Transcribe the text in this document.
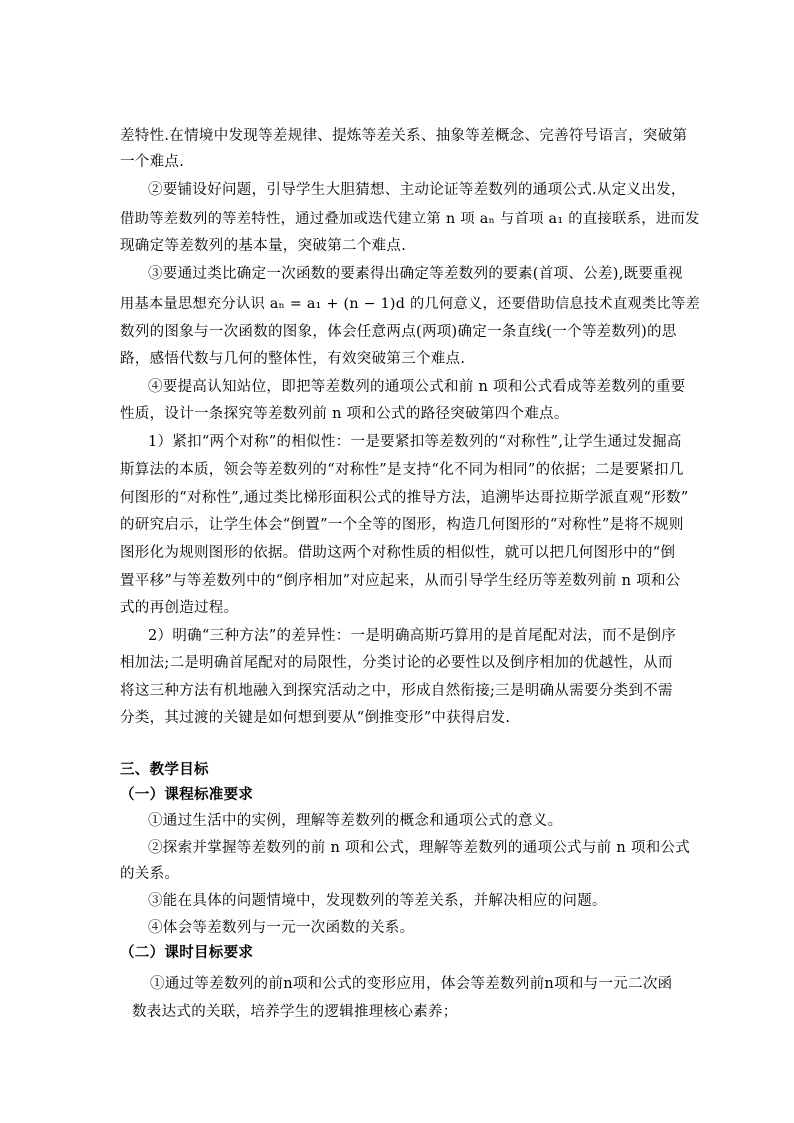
差特性.在情境中发现等差规律、提炼等差关系、抽象等差概念、完善符号语言，突破第
一个难点.
②要铺设好问题，引导学生大胆猜想、主动论证等差数列的通项公式.从定义出发，
借助等差数列的等差特性，通过叠加或迭代建立第 n 项 aₙ 与首项 a₁ 的直接联系，进而发
现确定等差数列的基本量，突破第二个难点.
③要通过类比确定一次函数的要素得出确定等差数列的要素(首项、公差),既要重视
用基本量思想充分认识 aₙ = a₁ + (n − 1)d 的几何意义，还要借助信息技术直观类比等差
数列的图象与一次函数的图象，体会任意两点(两项)确定一条直线(一个等差数列)的思
路，感悟代数与几何的整体性，有效突破第三个难点.
④要提高认知站位，即把等差数列的通项公式和前 n 项和公式看成等差数列的重要
性质，设计一条探究等差数列前 n 项和公式的路径突破第四个难点。
1）紧扣“两个对称”的相似性：一是要紧扣等差数列的“对称性”,让学生通过发掘高
斯算法的本质，领会等差数列的“对称性”是支持“化不同为相同”的依据；二是要紧扣几
何图形的“对称性”,通过类比梯形面积公式的推导方法，追溯毕达哥拉斯学派直观“形数”
的研究启示，让学生体会“倒置”一个全等的图形，构造几何图形的“对称性”是将不规则
图形化为规则图形的依据。借助这两个对称性质的相似性，就可以把几何图形中的“倒
置平移”与等差数列中的“倒序相加”对应起来，从而引导学生经历等差数列前 n 项和公
式的再创造过程。
2）明确“三种方法”的差异性：一是明确高斯巧算用的是首尾配对法，而不是倒序
相加法;二是明确首尾配对的局限性，分类讨论的必要性以及倒序相加的优越性，从而
将这三种方法有机地融入到探究活动之中，形成自然衔接;三是明确从需要分类到不需
分类，其过渡的关键是如何想到要从“倒推变形”中获得启发.
三、教学目标
（一）课程标准要求
①通过生活中的实例，理解等差数列的概念和通项公式的意义。
②探索并掌握等差数列的前 n 项和公式，理解等差数列的通项公式与前 n 项和公式
的关系。
③能在具体的问题情境中，发现数列的等差关系，并解决相应的问题。
④体会等差数列与一元一次函数的关系。
（二）课时目标要求
①通过等差数列的前n项和公式的变形应用，体会等差数列前n项和与一元二次函
数表达式的关联，培养学生的逻辑推理核心素养；
